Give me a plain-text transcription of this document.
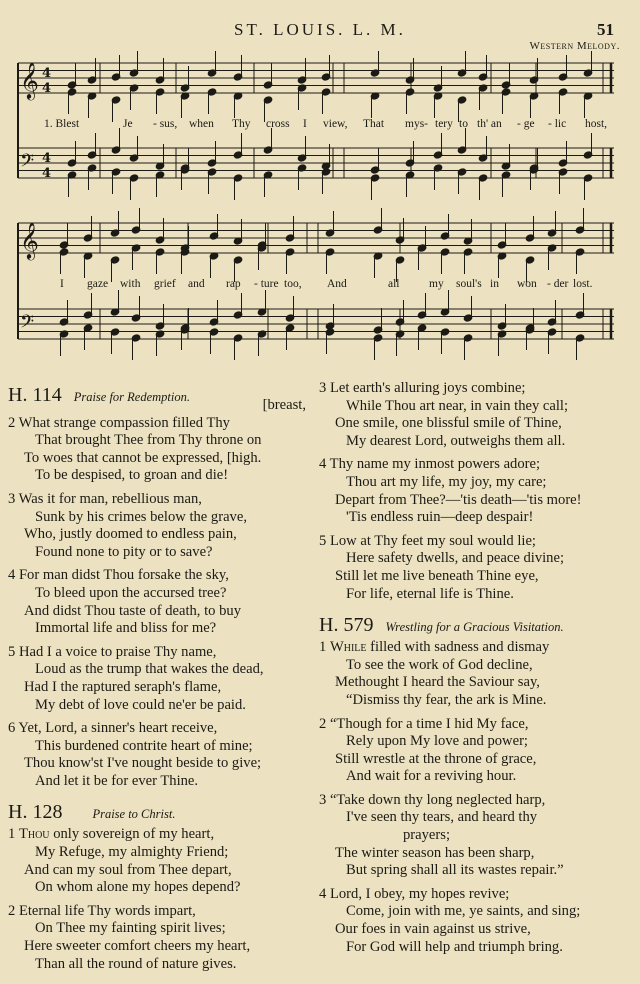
ST. LOUIS. L. M.	51
Western Melody.
𝄞 4
4
𝄢 4
4
𝄞
𝄢
1. Blest	Je - sus, when Thy cross I view, That mys- tery to th' an - ge - lic host,
I gaze with grief and rap - ture too, And	all	my soul's in won - der lost.
H. 114 Praise for Redemption.	[breast,
2 What strange compassion filled Thy
That brought Thee from Thy throne on
To woes that cannot be expressed, [high.
To be despised, to groan and die!
3 Was it for man, rebellious man,
Sunk by his crimes below the grave,
Who, justly doomed to endless pain,
Found none to pity or to save?
4 For man didst Thou forsake the sky,
To bleed upon the accursed tree?
And didst Thou taste of death, to buy
Immortal life and bliss for me?
5 Had I a voice to praise Thy name,
Loud as the trump that wakes the dead,
Had I the raptured seraph's flame,
My debt of love could ne'er be paid.
6 Yet, Lord, a sinner's heart receive,
This burdened contrite heart of mine;
Thou know'st I've nought beside to give;
And let it be for ever Thine.
H. 128 Praise to Christ.
1 Thou only sovereign of my heart,
My Refuge, my almighty Friend;
And can my soul from Thee depart,
On whom alone my hopes depend?
2 Eternal life Thy words impart,
On Thee my fainting spirit lives;
Here sweeter comfort cheers my heart,
Than all the round of nature gives.
3 Let earth's alluring joys combine;
While Thou art near, in vain they call;
One smile, one blissful smile of Thine,
My dearest Lord, outweighs them all.
4 Thy name my inmost powers adore;
Thou art my life, my joy, my care;
Depart from Thee?—'tis death—'tis more!
'Tis endless ruin—deep despair!
5 Low at Thy feet my soul would lie;
Here safety dwells, and peace divine;
Still let me live beneath Thine eye,
For life, eternal life is Thine.
H. 579 Wrestling for a Gracious Visitation.
1 While filled with sadness and dismay
To see the work of God decline,
Methought I heard the Saviour say,
“Dismiss thy fear, the ark is Mine.
2 “Though for a time I hid My face,
Rely upon My love and power;
Still wrestle at the throne of grace,
And wait for a reviving hour.
3 “Take down thy long neglected harp,
I've seen thy tears, and heard thy
prayers;
The winter season has been sharp,
But spring shall all its wastes repair.”
4 Lord, I obey, my hopes revive;
Come, join with me, ye saints, and sing;
Our foes in vain against us strive,
For God will help and triumph bring.
